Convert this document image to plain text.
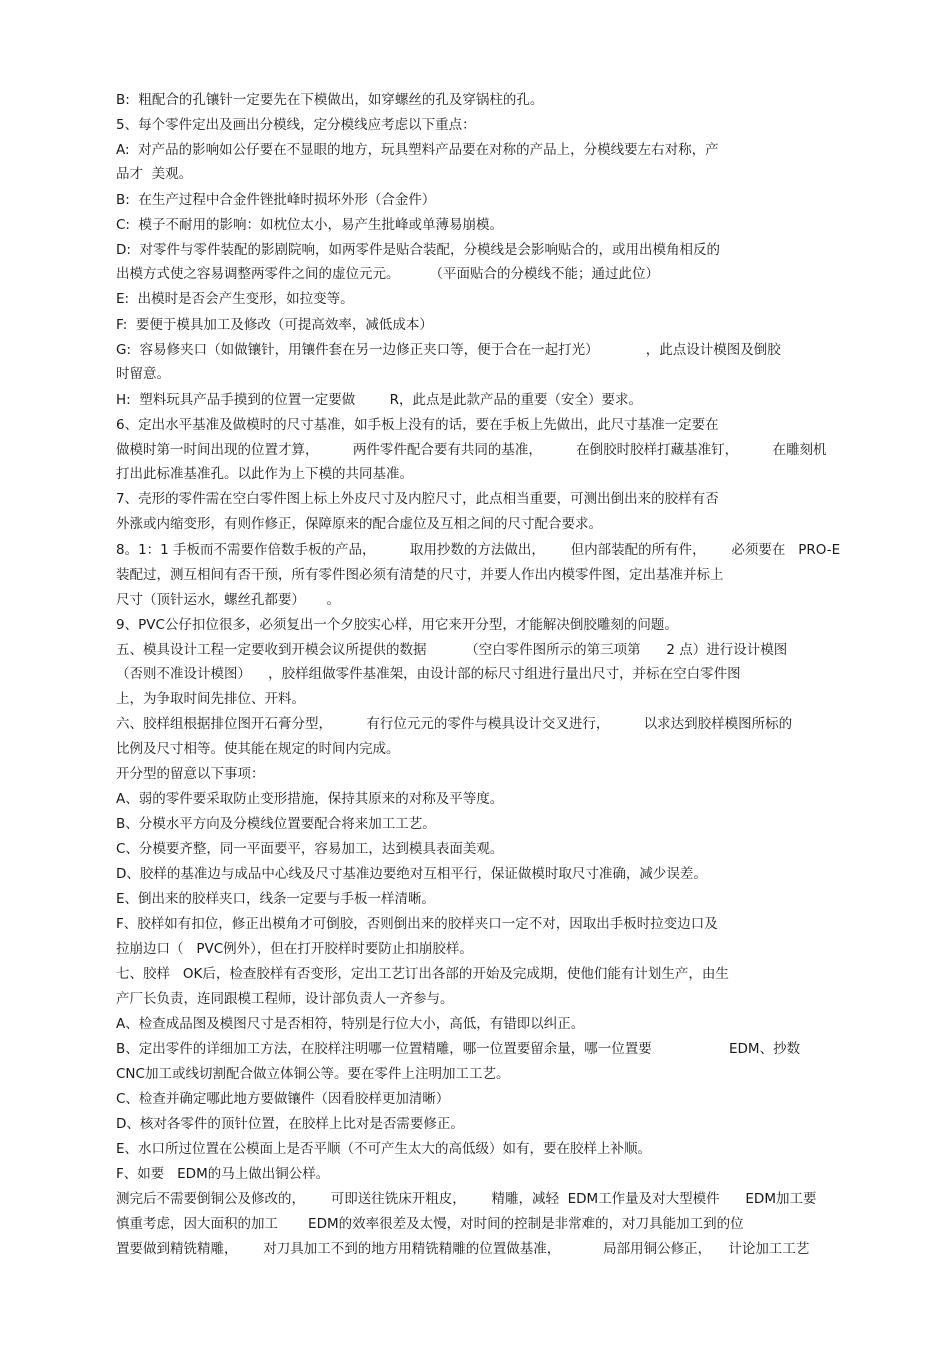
B:  粗配合的孔镶针一定要先在下模做出，如穿螺丝的孔及穿锅柱的孔。
5、每个零件定出及画出分模线，定分模线应考虑以下重点：
A:  对产品的影响如公仔要在不显眼的地方，玩具塑料产品要在对称的产品上，分模线要左右对称，产
品才  美观。
B:  在生产过程中合金件锉批峰时损坏外形（合金件）
C:  模子不耐用的影响：如枕位太小，易产生批峰或单薄易崩模。
D:  对零件与零件装配的影剧院响，如两零件是贴合装配，分模线是会影响贴合的，或用出模角相反的
出模方式使之容易调整两零件之间的虚位元元。       （平面贴合的分模线不能；通过此位）
E:  出模时是否会产生变形，如拉变等。
F:  要便于模具加工及修改（可提高效率，减低成本）
G:  容易修夹口（如做镶针，用镶件套在另一边修正夹口等，便于合在一起打光）           ，此点设计模图及倒胶
时留意。
H:  塑料玩具产品手摸到的位置一定要做        R，此点是此款产品的重要（安全）要求。
6、定出水平基准及做模时的尺寸基准，如手板上没有的话，要在手板上先做出，此尺寸基准一定要在
做模时第一时间出现的位置才算，        两件零件配合要有共同的基准，        在倒胶时胶样打藏基准钉，        在雕刻机
打出此标准基准孔。以此作为上下模的共同基准。
7、壳形的零件需在空白零件图上标上外皮尺寸及内腔尺寸，此点相当重要，可测出倒出来的胶样有否
外涨或内缩变形，有则作修正，保障原来的配合虚位及互相之间的尺寸配合要求。
8。1：1 手板而不需要作倍数手板的产品，        取用抄数的方法做出，      但内部装配的所有件，      必须要在   PRO-E
装配过，测互相间有否干预，所有零件图必须有清楚的尺寸，并要人作出内模零件图，定出基准并标上
尺寸（顶针运水，螺丝孔都要）     。
9、PVC公仔扣位很多，必须复出一个夕胶实心样，用它来开分型，才能解决倒胶雕刻的问题。
五、模具设计工程一定要收到开模会议所提供的数据         （空白零件图所示的第三项第      2 点）进行设计模图
（否则不准设计模图）    ，胶样组做零件基准架，由设计部的标尺寸组进行量出尺寸，并标在空白零件图
上，为争取时间先排位、开料。
六、胶样组根据排位图开石膏分型，        有行位元元的零件与模具设计交叉进行，        以求达到胶样模图所标的
比例及尺寸相等。使其能在规定的时间内完成。
开分型的留意以下事项：
A、弱的零件要采取防止变形措施，保持其原来的对称及平等度。
B、分模水平方向及分模线位置要配合将来加工工艺。
C、分模要齐整，同一平面要平，容易加工，达到模具表面美观。
D、胶样的基准边与成品中心线及尺寸基准边要绝对互相平行，保证做模时取尺寸准确，减少误差。
E、倒出来的胶样夹口，线条一定要与手板一样清晰。
F、胶样如有扣位，修正出模角才可倒胶，否则倒出来的胶样夹口一定不对，因取出手板时拉变边口及
拉崩边口（   PVC例外），但在打开胶样时要防止扣崩胶样。
七、胶样   OK后，检查胶样有否变形，定出工艺订出各部的开始及完成期，使他们能有计划生产，由生
产厂长负责，连同跟模工程师，设计部负责人一齐参与。
A、检查成品图及模图尺寸是否相符，特别是行位大小，高低，有错即以纠正。
B、定出零件的详细加工方法，在胶样注明哪一位置精雕，哪一位置要留余量，哪一位置要                  EDM、抄数
CNC加工或线切割配合做立体铜公等。要在零件上注明加工工艺。
C、检查并确定哪此地方要做镶件（因看胶样更加清晰）
D、核对各零件的顶针位置，在胶样上比对是否需要修正。
E、水口所过位置在公模面上是否平顺（不可产生太大的高低级）如有，要在胶样上补顺。
F、如要   EDM的马上做出铜公样。
测完后不需要倒铜公及修改的，      可即送往铣床开粗皮，      精雕，减轻  EDM工作量及对大型模件      EDM加工要
慎重考虑，因大面积的加工       EDM的效率很差及太慢，对时间的控制是非常难的，对刀具能加工到的位
置要做到精铣精雕，      对刀具加工不到的地方用精铣精雕的位置做基准，          局部用铜公修正，    计论加工工艺
